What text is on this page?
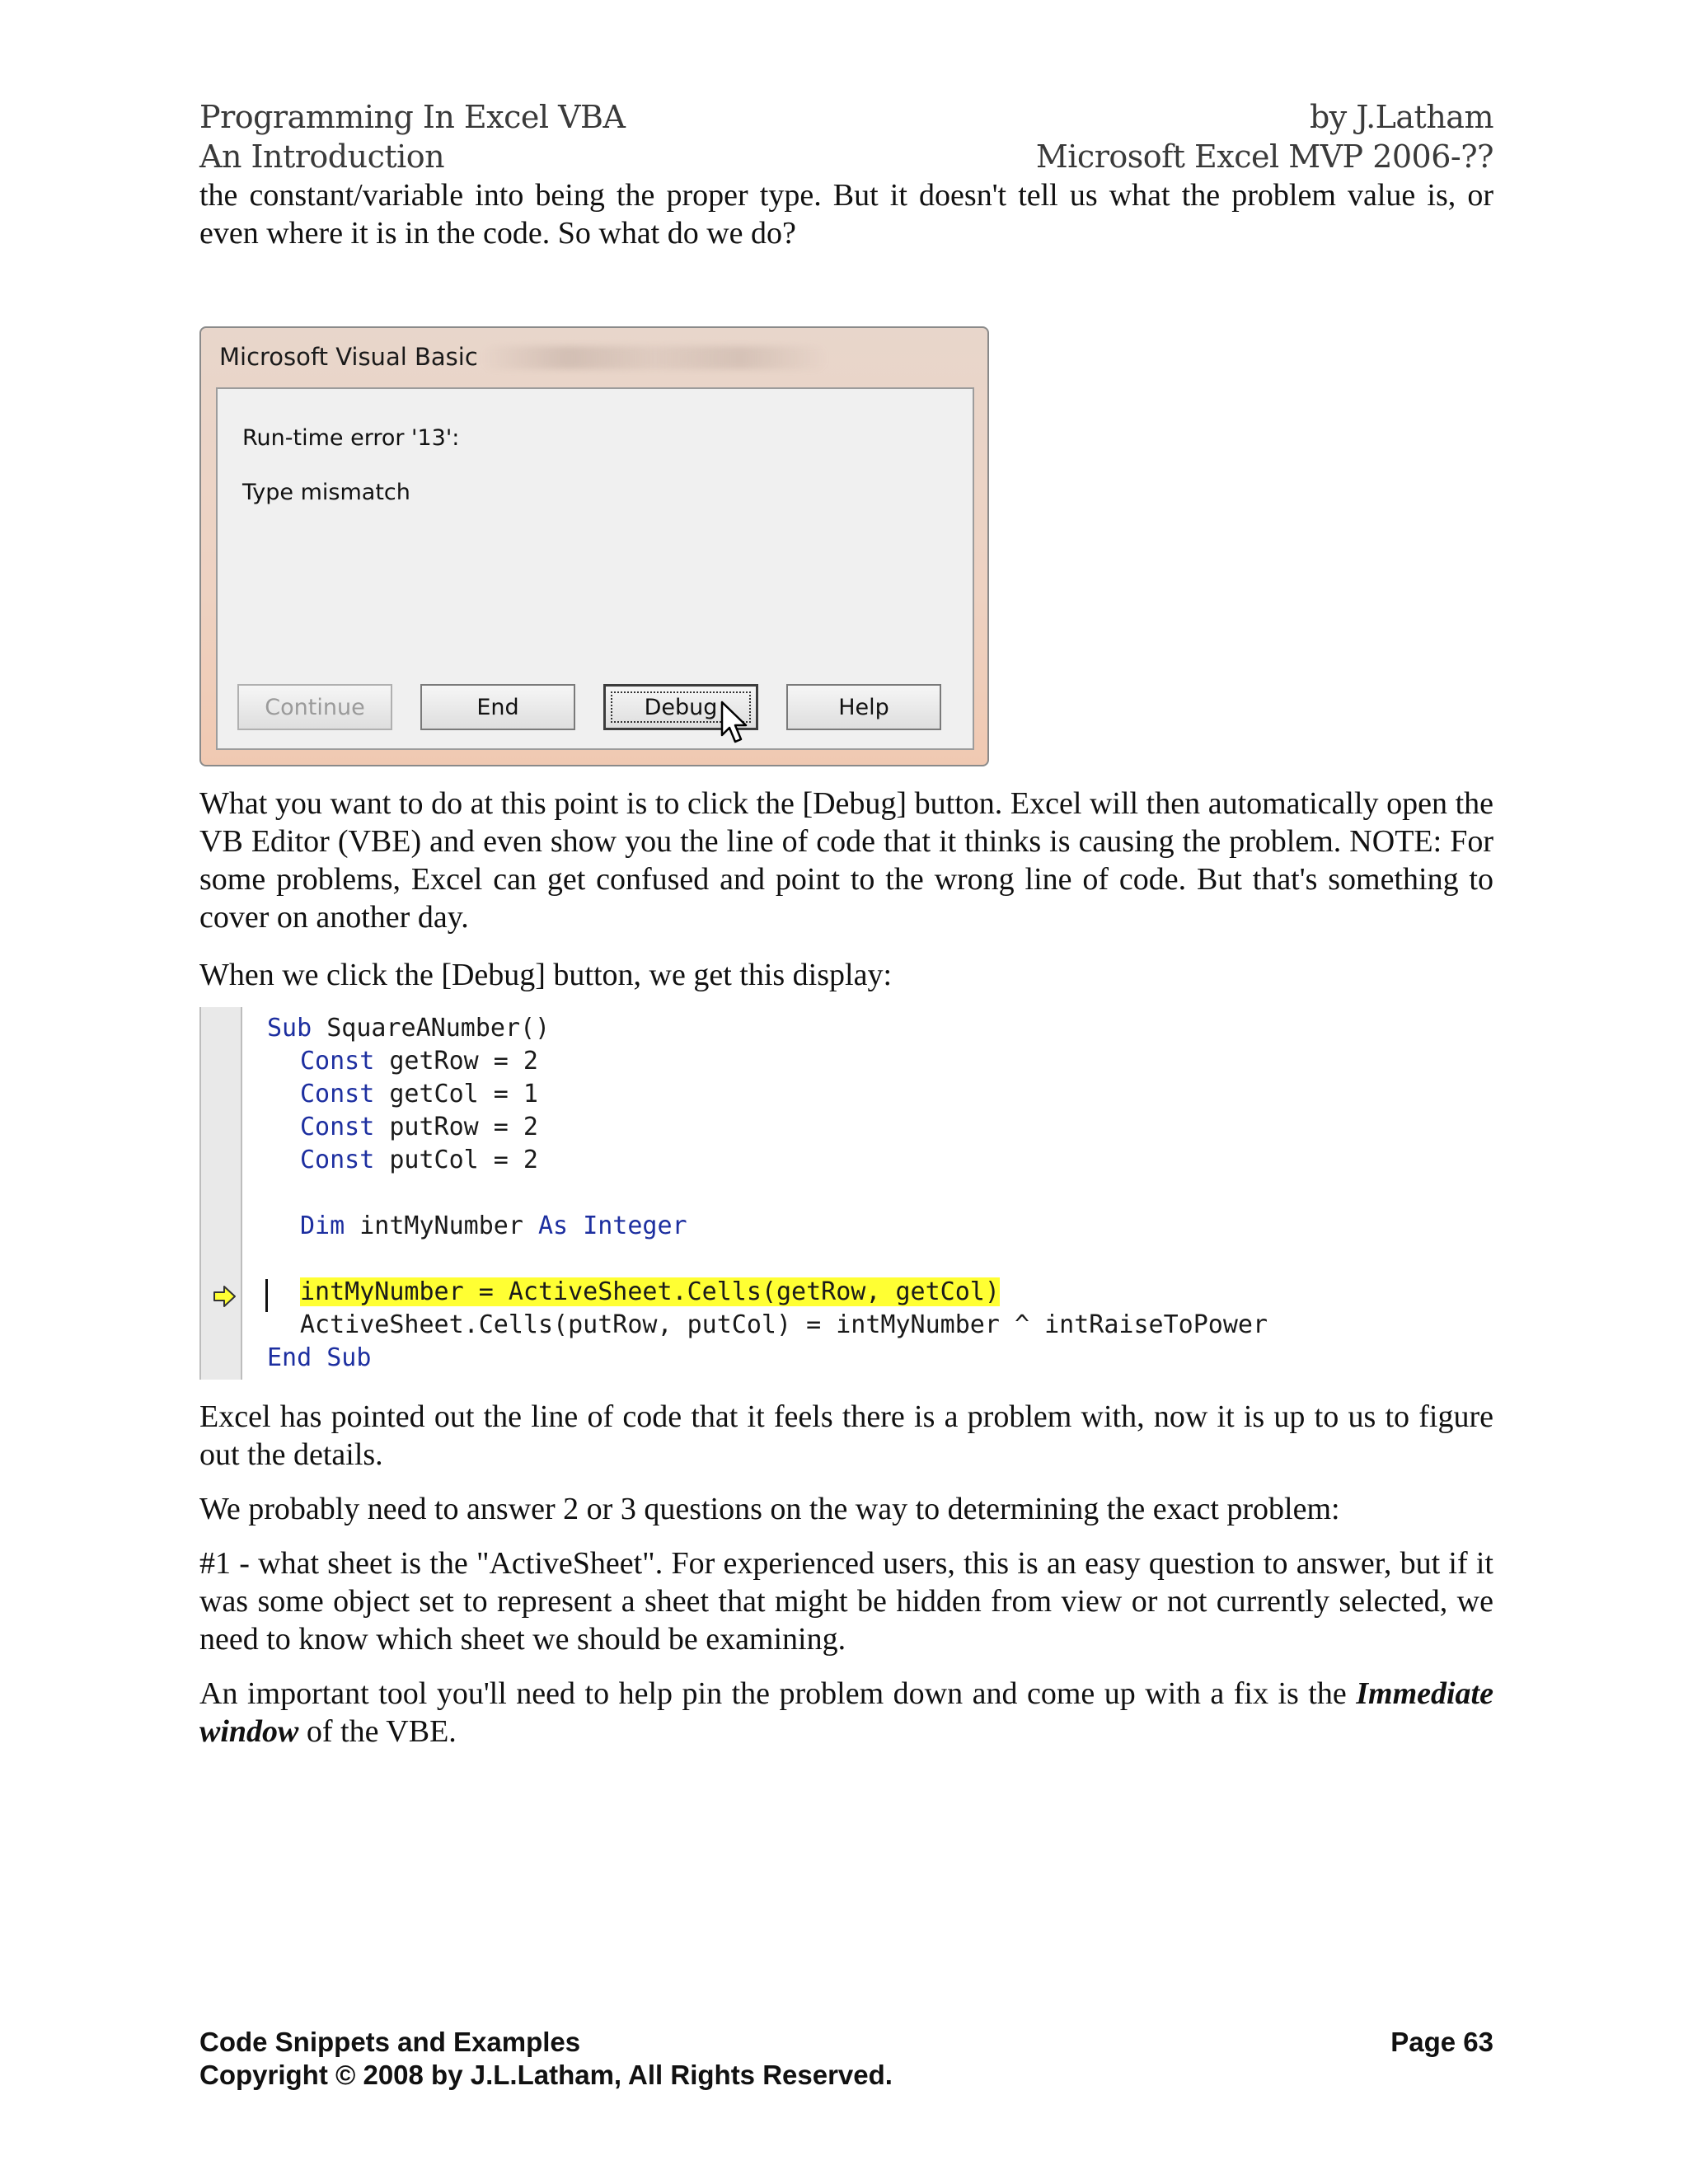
Programming In Excel VBA	by J.Latham
An Introduction	Microsoft Excel MVP 2006-??

the constant/variable into being the proper type. But it doesn't tell us what the problem value is, or even where it is in the code. So what do we do?

Microsoft Visual Basic
Run-time error '13':
Type mismatch
Continue	End	Debug	Help

What you want to do at this point is to click the [Debug] button. Excel will then automatically open the VB Editor (VBE) and even show you the line of code that it thinks is causing the problem. NOTE: For some problems, Excel can get confused and point to the wrong line of code. But that's something to cover on another day.

When we click the [Debug] button, we get this display:

Sub SquareANumber()
Const getRow = 2
Const getCol = 1
Const putRow = 2
Const putCol = 2
Dim intMyNumber As Integer
intMyNumber = ActiveSheet.Cells(getRow, getCol)
ActiveSheet.Cells(putRow, putCol) = intMyNumber ^ intRaiseToPower
End Sub

Excel has pointed out the line of code that it feels there is a problem with, now it is up to us to figure out the details.

We probably need to answer 2 or 3 questions on the way to determining the exact problem:

#1 - what sheet is the "ActiveSheet". For experienced users, this is an easy question to answer, but if it was some object set to represent a sheet that might be hidden from view or not currently selected, we need to know which sheet we should be examining.

An important tool you'll need to help pin the problem down and come up with a fix is the Immediate window of the VBE.

Code Snippets and Examples	Page 63
Copyright © 2008 by J.L.Latham, All Rights Reserved.
